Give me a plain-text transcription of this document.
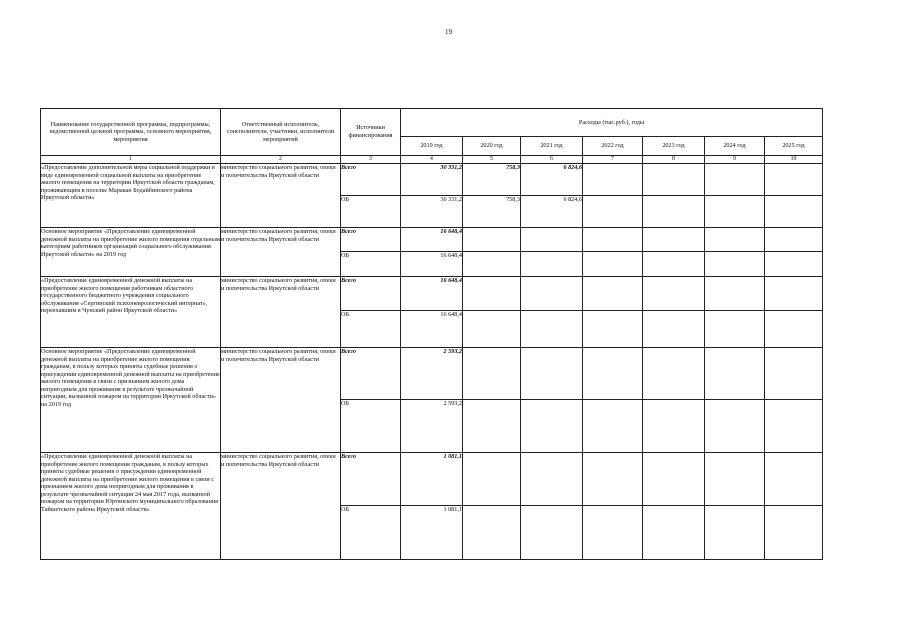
19
Наименование государственной программы, подпрограммы, ведомственной целевой программы, основного мероприятия, мероприятия	Ответственный исполнитель, соисполнители, участники, исполнители мероприятий	Источники финансирования	Расходы (тыс.руб.), годы						
			2019 год	2020 год	2021 год	2022 год	2023 год	2024 год	2025 год
1	2	3	4	5	6	7	8	9	10
«Предоставление дополнительной меры социальной поддержки в виде единовременной социальной выплаты на приобретение жилого помещения на территории Иркутской области гражданам, проживающим в поселке Маракан Бодайбинского района Иркутской области»	министерство социального развития, опеки и попечительства Иркутской области	Всего	30 331,2	758,3	6 824,6				
		ОБ	30 331,2	758,3	6 824,6				
Основное мероприятие «Предоставление единовременной денежной выплаты на приобретение жилого помещения отдельным категориям работников организаций социального обслуживания Иркутской области» на 2019 год	министерство социального развития, опеки и попечительства Иркутской области	Всего	16 648,4						
		ОБ	16 648,4						
«Предоставление единовременной денежной выплаты на приобретение жилого помещения работникам областного государственного бюджетного учреждения социального обслуживания «Сергинский психоневрологический интернат», переехавшим в Чунский район Иркутской области»	министерство социального развития, опеки и попечительства Иркутской области	Всего	16 648,4						
		ОБ	16 648,4						
Основное мероприятие «Предоставление единовременной денежной выплаты на приобретение жилого помещения гражданам, в пользу которых приняты судебные решения о присуждении единовременной денежной выплаты на приобретение жилого помещения в связи с признанием жилого дома непригодным для проживания в результате чрезвычайной ситуации, вызванной пожаром на территории Иркутской области» на 2019 год	министерство социального развития, опеки и попечительства Иркутской области	Всего	2 593,2						
		ОБ	2 593,2						
«Предоставление единовременной денежной выплаты на приобретение жилого помещения гражданам, в пользу которых приняты судебные решения о присуждении единовременной денежной выплаты на приобретение жилого помещения в связи с признанием жилого дома непригодным для проживания в результате чрезвычайной ситуации 24 мая 2017 года, вызванной пожаром на территории Юртинского муниципального образования Тайшетского района Иркутской области»	министерство социального развития, опеки и попечительства Иркутской области	Всего	1 081,1						
		ОБ	1 081,1						
